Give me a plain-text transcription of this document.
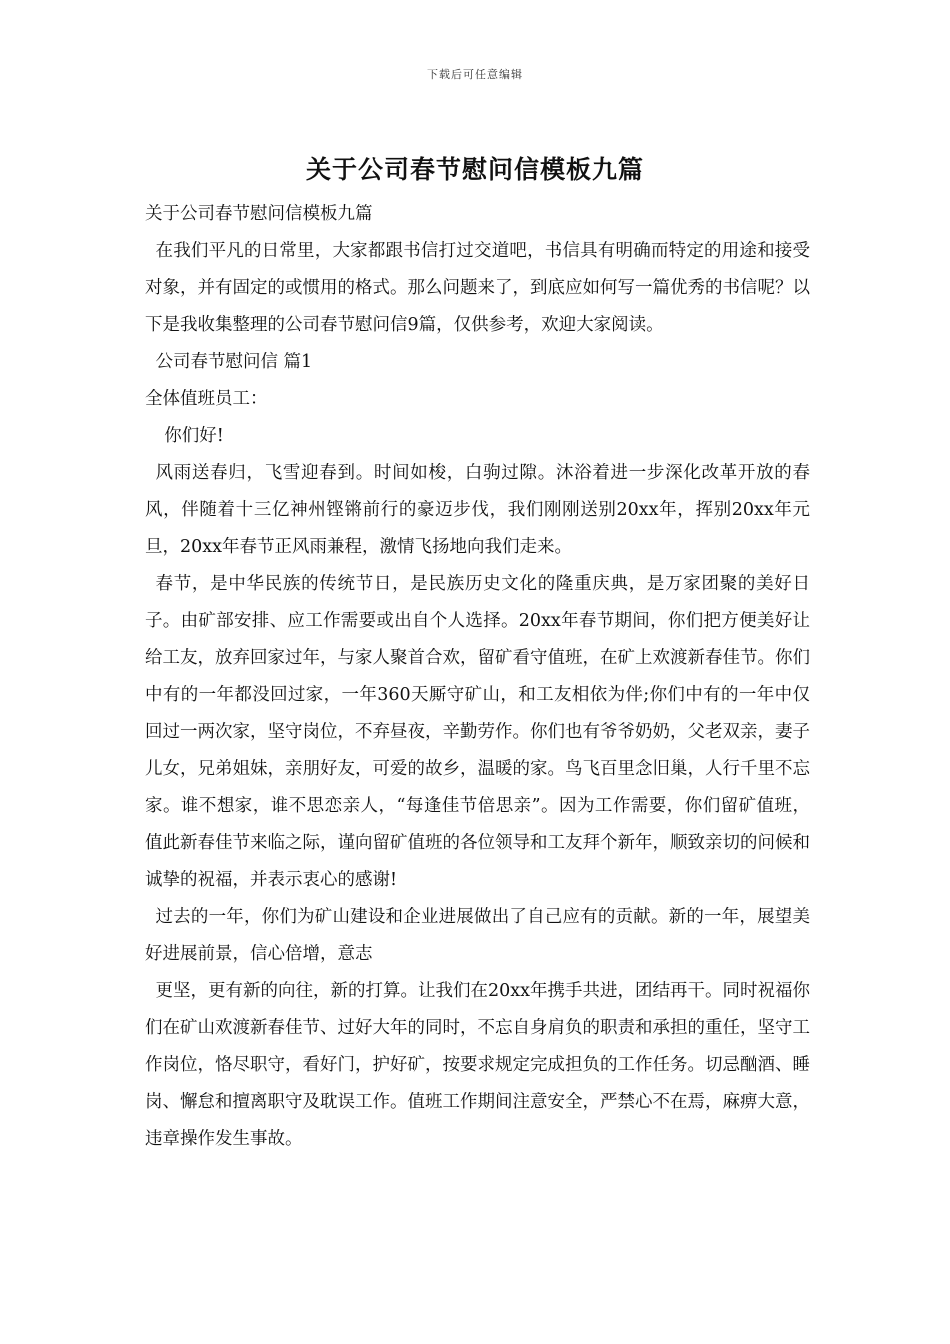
下载后可任意编辑
关于公司春节慰问信模板九篇

关于公司春节慰问信模板九篇

在我们平凡的日常里，大家都跟书信打过交道吧，书信具有明确而特定的用途和接受对象，并有固定的或惯用的格式。那么问题来了，到底应如何写一篇优秀的书信呢？以下是我收集整理的公司春节慰问信9篇，仅供参考，欢迎大家阅读。

公司春节慰问信 篇1

全体值班员工：

你们好!

风雨送春归，飞雪迎春到。时间如梭，白驹过隙。沐浴着进一步深化改革开放的春风，伴随着十三亿神州铿锵前行的豪迈步伐，我们刚刚送别20xx年，挥别20xx年元旦，20xx年春节正风雨兼程，激情飞扬地向我们走来。

春节，是中华民族的传统节日，是民族历史文化的隆重庆典，是万家团聚的美好日子。由矿部安排、应工作需要或出自个人选择。20xx年春节期间，你们把方便美好让给工友，放弃回家过年，与家人聚首合欢，留矿看守值班，在矿上欢渡新春佳节。你们中有的一年都没回过家，一年360天厮守矿山，和工友相依为伴;你们中有的一年中仅回过一两次家，坚守岗位，不弃昼夜，辛勤劳作。你们也有爷爷奶奶，父老双亲，妻子儿女，兄弟姐妹，亲朋好友，可爱的故乡，温暖的家。鸟飞百里念旧巢，人行千里不忘家。谁不想家，谁不思恋亲人，“每逢佳节倍思亲”。因为工作需要，你们留矿值班，值此新春佳节来临之际，谨向留矿值班的各位领导和工友拜个新年，顺致亲切的问候和诚挚的祝福，并表示衷心的感谢!

过去的一年，你们为矿山建设和企业进展做出了自己应有的贡献。新的一年，展望美好进展前景，信心倍增，意志

更坚，更有新的向往，新的打算。让我们在20xx年携手共进，团结再干。同时祝福你们在矿山欢渡新春佳节、过好大年的同时，不忘自身肩负的职责和承担的重任，坚守工作岗位，恪尽职守，看好门，护好矿，按要求规定完成担负的工作任务。切忌酗酒、睡岗、懈怠和擅离职守及耽误工作。值班工作期间注意安全，严禁心不在焉，麻痹大意，违章操作发生事故。
